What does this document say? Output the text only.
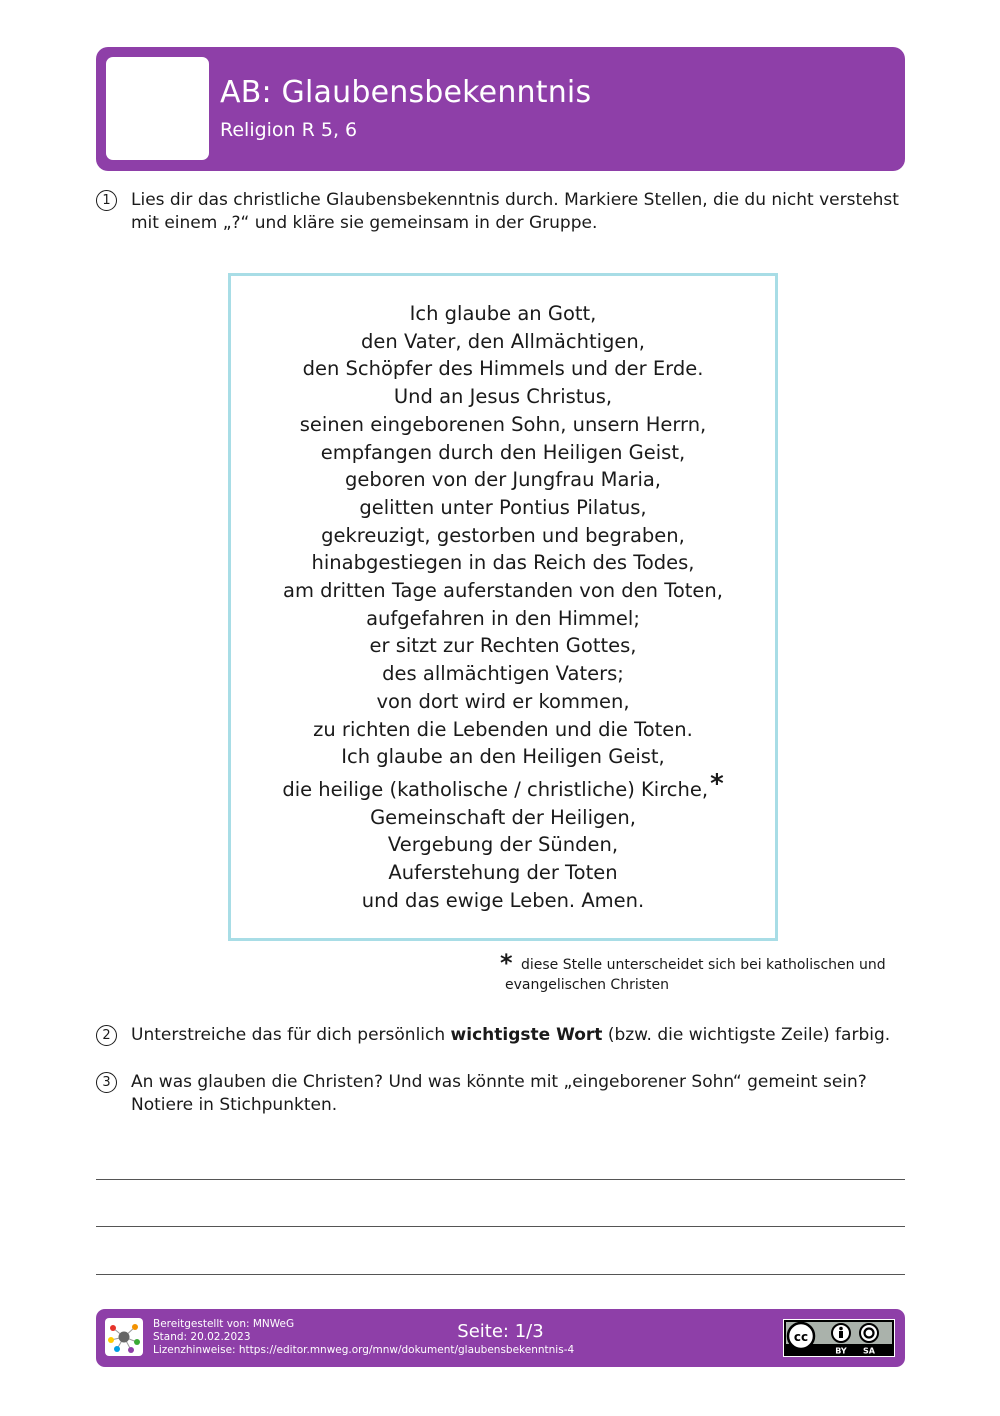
AB: Glaubensbekenntnis
Religion R 5, 6
1	Lies dir das christliche Glaubensbekenntnis durch. Markiere Stellen, die du nicht verstehst mit einem „?“ und kläre sie gemeinsam in der Gruppe.
Ich glaube an Gott,
den Vater, den Allmächtigen,
den Schöpfer des Himmels und der Erde.
Und an Jesus Christus,
seinen eingeborenen Sohn, unsern Herrn,
empfangen durch den Heiligen Geist,
geboren von der Jungfrau Maria,
gelitten unter Pontius Pilatus,
gekreuzigt, gestorben und begraben,
hinabgestiegen in das Reich des Todes,
am dritten Tage auferstanden von den Toten,
aufgefahren in den Himmel;
er sitzt zur Rechten Gottes,
des allmächtigen Vaters;
von dort wird er kommen,
zu richten die Lebenden und die Toten.
Ich glaube an den Heiligen Geist,
die heilige (katholische / christliche) Kirche,*
Gemeinschaft der Heiligen,
Vergebung der Sünden,
Auferstehung der Toten
und das ewige Leben. Amen.
* diese Stelle unterscheidet sich bei katholischen und
evangelischen Christen
2	Unterstreiche das für dich persönlich wichtigste Wort (bzw. die wichtigste Zeile) farbig.
3	An was glauben die Christen? Und was könnte mit „eingeborener Sohn“ gemeint sein?
Notiere in Stichpunkten.
Bereitgestellt von: MNWeG
Stand: 20.02.2023
Lizenzhinweise: https://editor.mnweg.org/mnw/dokument/glaubensbekenntnis-4
Seite: 1/3	cc
BY SA
